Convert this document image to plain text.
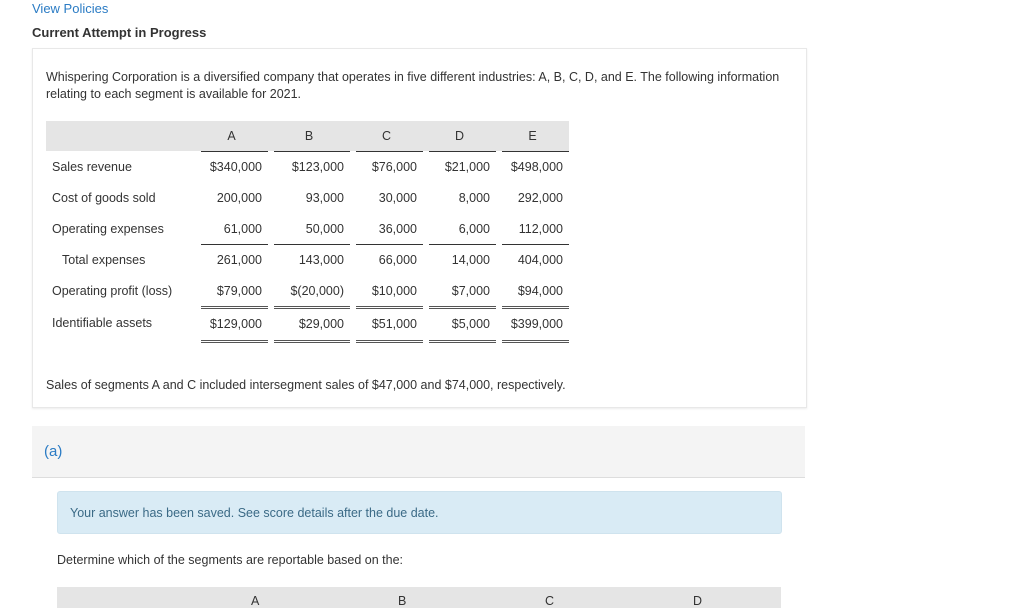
View Policies
Current Attempt in Progress
Whispering Corporation is a diversified company that operates in five different industries: A, B, C, D, and E. The following information relating to each segment is available for 2021.
	A	B	C	D	E
Sales revenue	$340,000	$123,000	$76,000	$21,000	$498,000

Cost of goods sold	200,000	93,000	30,000	8,000	292,000

Operating expenses	61,000	50,000	36,000	6,000	112,000

Total expenses	261,000	143,000	66,000	14,000	404,000

Operating profit (loss)	$79,000	$(20,000)	$10,000	$7,000	$94,000

Identifiable assets	$129,000	$29,000	$51,000	$5,000	$399,000

Sales of segments A and C included intersegment sales of $47,000 and $74,000, respectively.
(a)
Your answer has been saved. See score details after the due date.
Determine which of the segments are reportable based on the:
A	B	C	D
